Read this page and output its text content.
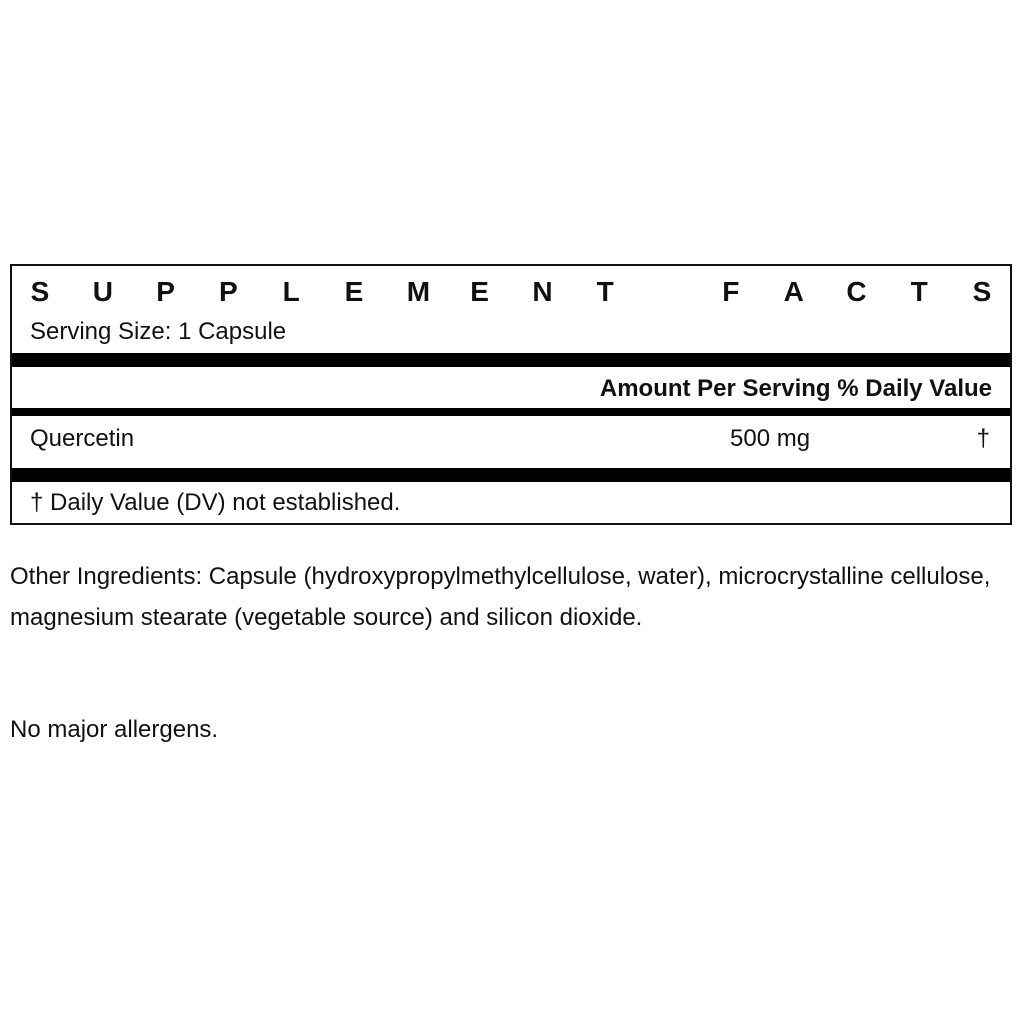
S U P P L E M E N T
	F A C T S
Serving Size: 1 Capsule
Amount Per Serving % Daily Value
Quercetin	500 mg	†
† Daily Value (DV) not established.
Other Ingredients: Capsule (hydroxypropylmethylcellulose, water), microcrystalline cellulose, magnesium stearate (vegetable source) and silicon dioxide.
No major allergens.
